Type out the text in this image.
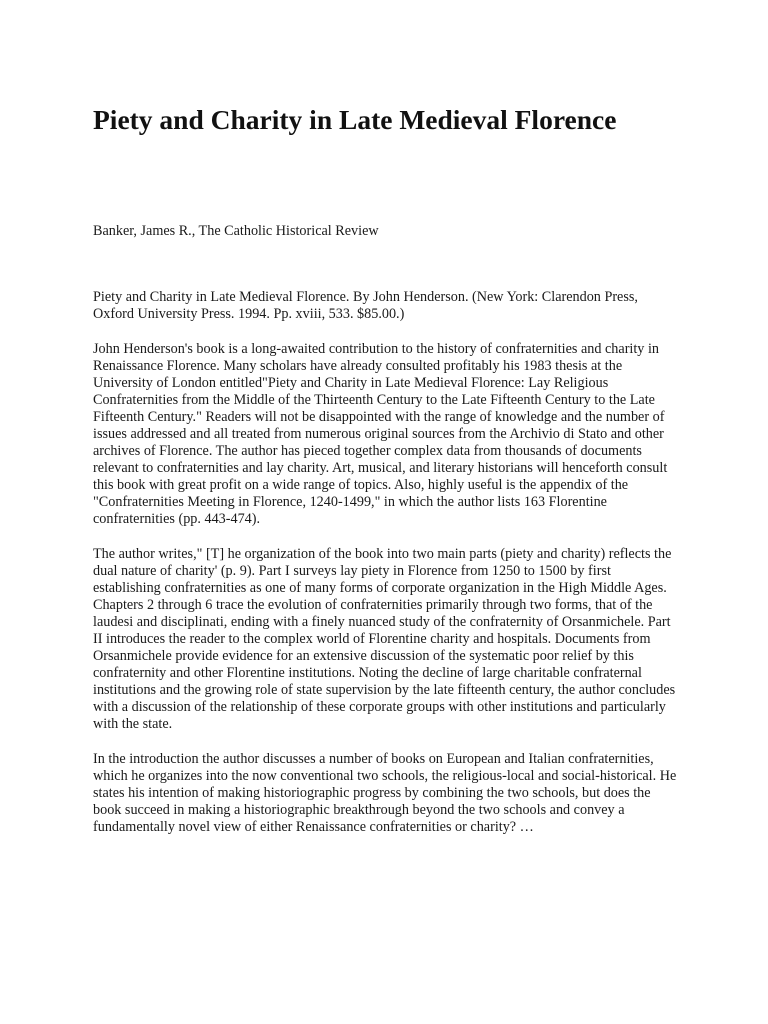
Piety and Charity in Late Medieval Florence

Banker, James R., The Catholic Historical Review

Piety and Charity in Late Medieval Florence. By John Henderson. (New York: Clarendon Press, Oxford University Press. 1994. Pp. xviii, 533. $85.00.)

John Henderson's book is a long-awaited contribution to the history of confraternities and charity in Renaissance Florence. Many scholars have already consulted profitably his 1983 thesis at the University of London entitled"Piety and Charity in Late Medieval Florence: Lay Religious Confraternities from the Middle of the Thirteenth Century to the Late Fifteenth Century to the Late Fifteenth Century." Readers will not be disappointed with the range of knowledge and the number of issues addressed and all treated from numerous original sources from the Archivio di Stato and other archives of Florence. The author has pieced together complex data from thousands of documents relevant to confraternities and lay charity. Art, musical, and literary historians will henceforth consult this book with great profit on a wide range of topics. Also, highly useful is the appendix of the "Confraternities Meeting in Florence, 1240-1499," in which the author lists 163 Florentine confraternities (pp. 443-474).

The author writes," [T] he organization of the book into two main parts (piety and charity) reflects the dual nature of charity' (p. 9). Part I surveys lay piety in Florence from 1250 to 1500 by first establishing confraternities as one of many forms of corporate organization in the High Middle Ages. Chapters 2 through 6 trace the evolution of confraternities primarily through two forms, that of the laudesi and disciplinati, ending with a finely nuanced study of the confraternity of Orsanmichele. Part II introduces the reader to the complex world of Florentine charity and hospitals. Documents from Orsanmichele provide evidence for an extensive discussion of the systematic poor relief by this confraternity and other Florentine institutions. Noting the decline of large charitable confraternal institutions and the growing role of state supervision by the late fifteenth century, the author concludes with a discussion of the relationship of these corporate groups with other institutions and particularly with the state.

In the introduction the author discusses a number of books on European and Italian confraternities, which he organizes into the now conventional two schools, the religious-local and social-historical. He states his intention of making historiographic progress by combining the two schools, but does the book succeed in making a historiographic breakthrough beyond the two schools and convey a fundamentally novel view of either Renaissance confraternities or charity? …
